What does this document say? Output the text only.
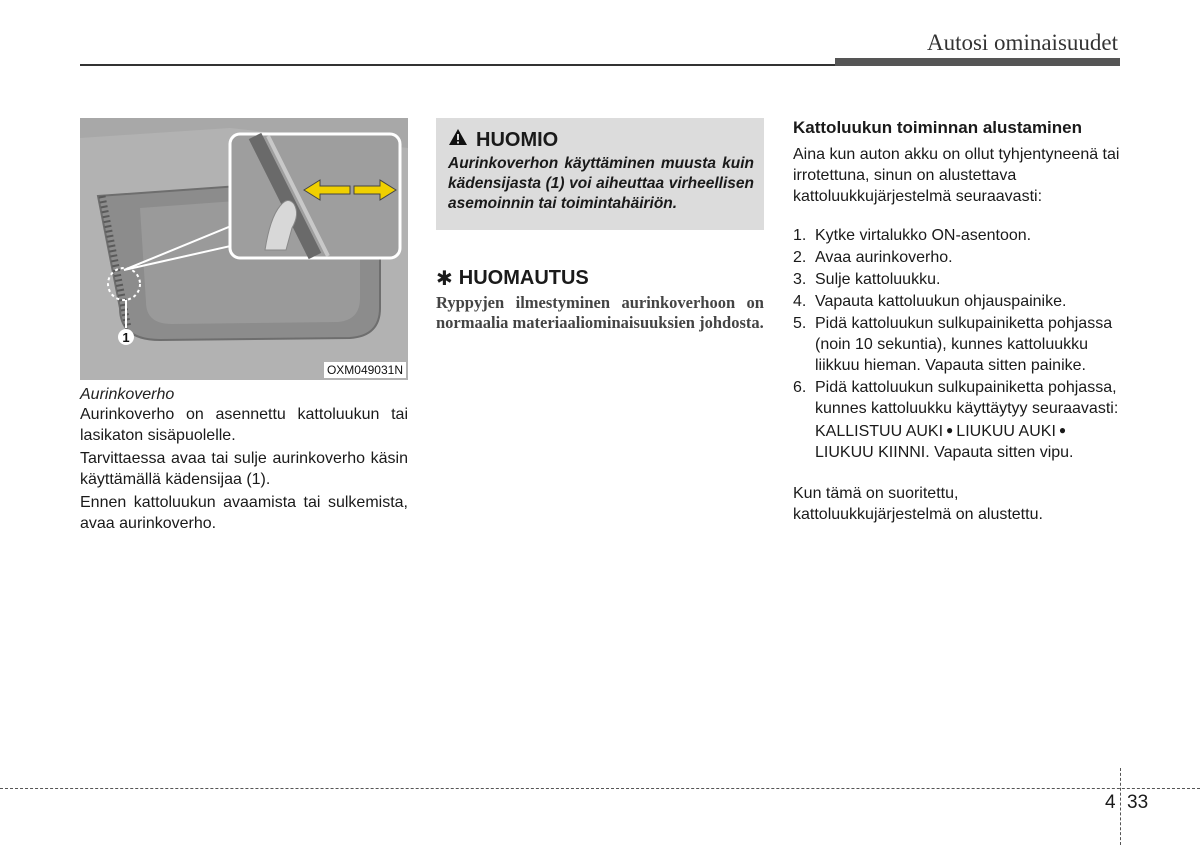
Autosi ominaisuudet
1
OXM049031N
Aurinkoverho

Aurinkoverho on asennettu kattoluukun tai lasikaton sisäpuolelle.

Tarvittaessa avaa tai sulje aurinkoverho käsin käyttämällä kädensijaa (1).

Ennen kattoluukun avaamista tai sulkemista, avaa aurinkoverho.

HUOMIO
Aurinkoverhon käyttäminen muusta kuin kädensijasta (1) voi aiheuttaa virheellisen asemoinnin tai toimintahäiriön.
✱ HUOMAUTUS
Ryppyjen ilmestyminen aurinkoverhoon on normaalia materiaaliominaisuuksien johdosta.
Kattoluukun toiminnan alustaminen

Aina kun auton akku on ollut tyhjentyneenä tai irrotettuna, sinun on alustettava kattoluukkujärjestelmä seuraavasti:

1. Kytke virtalukko ON-asentoon.
2. Avaa aurinkoverho.
3. Sulje kattoluukku.
4. Vapauta kattoluukun ohjauspainike.
5. Pidä kattoluukun sulkupainiketta pohjassa (noin 10 sekuntia), kunnes kattoluukku liikkuu hieman. Vapauta sitten painike.
6. Pidä kattoluukun sulkupainiketta pohjassa, kunnes kattoluukku käyttäytyy seuraavasti:
KALLISTUU AUKI ● LIUKUU AUKI ●
LIUKUU KIINNI. Vapauta sitten vipu.

Kun tämä on suoritettu, kattoluukkujärjestelmä on alustettu.

4 33
